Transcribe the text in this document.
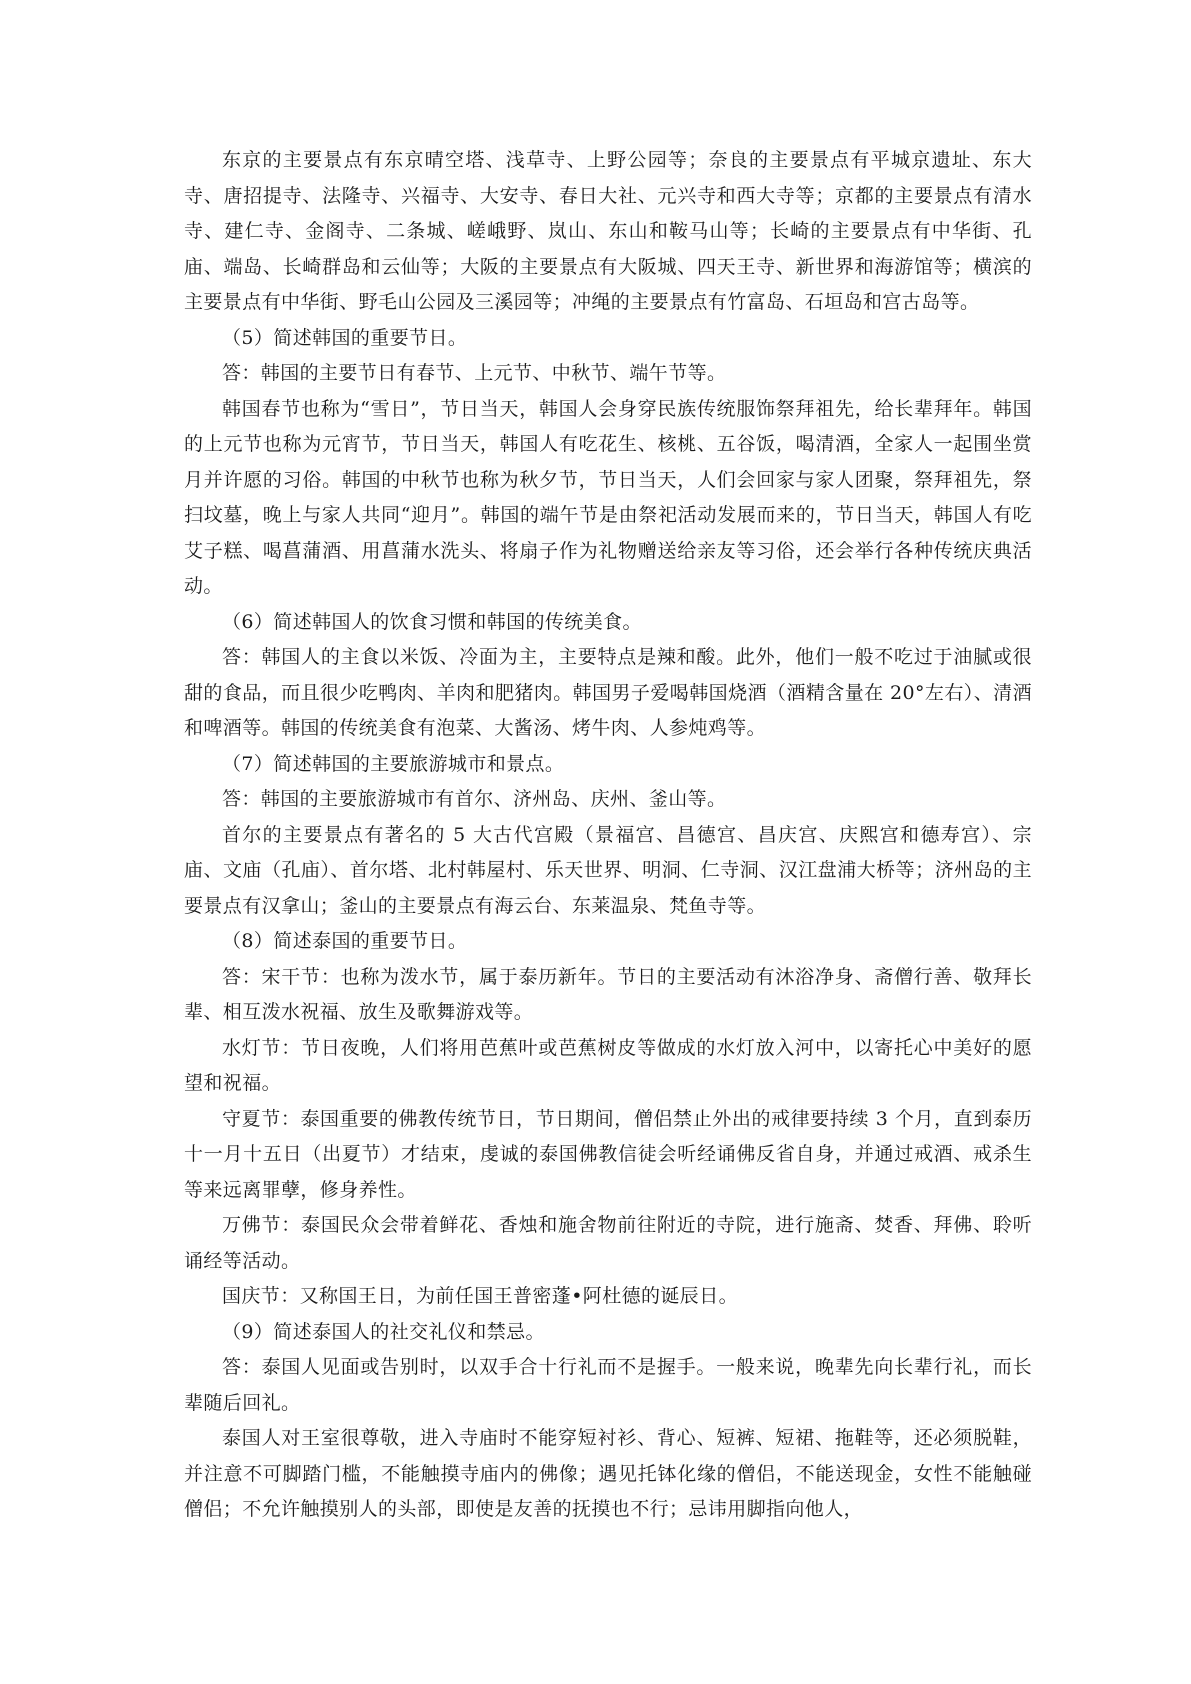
东京的主要景点有东京晴空塔、浅草寺、上野公园等；奈良的主要景点有平城京遗址、东大寺、唐招提寺、法隆寺、兴福寺、大安寺、春日大社、元兴寺和西大寺等；京都的主要景点有清水寺、建仁寺、金阁寺、二条城、嵯峨野、岚山、东山和鞍马山等；长崎的主要景点有中华街、孔庙、端岛、长崎群岛和云仙等；大阪的主要景点有大阪城、四天王寺、新世界和海游馆等；横滨的主要景点有中华街、野毛山公园及三溪园等；冲绳的主要景点有竹富岛、石垣岛和宫古岛等。

（5）简述韩国的重要节日。

答：韩国的主要节日有春节、上元节、中秋节、端午节等。

韩国春节也称为“雪日”，节日当天，韩国人会身穿民族传统服饰祭拜祖先，给长辈拜年。韩国的上元节也称为元宵节，节日当天，韩国人有吃花生、核桃、五谷饭，喝清酒，全家人一起围坐赏月并许愿的习俗。韩国的中秋节也称为秋夕节，节日当天，人们会回家与家人团聚，祭拜祖先，祭扫坟墓，晚上与家人共同“迎月”。韩国的端午节是由祭祀活动发展而来的，节日当天，韩国人有吃艾子糕、喝菖蒲酒、用菖蒲水洗头、将扇子作为礼物赠送给亲友等习俗，还会举行各种传统庆典活动。

（6）简述韩国人的饮食习惯和韩国的传统美食。

答：韩国人的主食以米饭、冷面为主，主要特点是辣和酸。此外，他们一般不吃过于油腻或很甜的食品，而且很少吃鸭肉、羊肉和肥猪肉。韩国男子爱喝韩国烧酒（酒精含量在 20°左右）、清酒和啤酒等。韩国的传统美食有泡菜、大酱汤、烤牛肉、人参炖鸡等。

（7）简述韩国的主要旅游城市和景点。

答：韩国的主要旅游城市有首尔、济州岛、庆州、釜山等。

首尔的主要景点有著名的 5 大古代宫殿（景福宫、昌德宫、昌庆宫、庆熙宫和德寿宫）、宗庙、文庙（孔庙）、首尔塔、北村韩屋村、乐天世界、明洞、仁寺洞、汉江盘浦大桥等；济州岛的主要景点有汉拿山；釜山的主要景点有海云台、东莱温泉、梵鱼寺等。

（8）简述泰国的重要节日。

答：宋干节：也称为泼水节，属于泰历新年。节日的主要活动有沐浴净身、斋僧行善、敬拜长辈、相互泼水祝福、放生及歌舞游戏等。

水灯节：节日夜晚，人们将用芭蕉叶或芭蕉树皮等做成的水灯放入河中，以寄托心中美好的愿望和祝福。

守夏节：泰国重要的佛教传统节日，节日期间，僧侣禁止外出的戒律要持续 3 个月，直到泰历十一月十五日（出夏节）才结束，虔诚的泰国佛教信徒会听经诵佛反省自身，并通过戒酒、戒杀生等来远离罪孽，修身养性。

万佛节：泰国民众会带着鲜花、香烛和施舍物前往附近的寺院，进行施斋、焚香、拜佛、聆听诵经等活动。

国庆节：又称国王日，为前任国王普密蓬•阿杜德的诞辰日。

（9）简述泰国人的社交礼仪和禁忌。

答：泰国人见面或告别时，以双手合十行礼而不是握手。一般来说，晚辈先向长辈行礼，而长辈随后回礼。

泰国人对王室很尊敬，进入寺庙时不能穿短衬衫、背心、短裤、短裙、拖鞋等，还必须脱鞋，并注意不可脚踏门槛，不能触摸寺庙内的佛像；遇见托钵化缘的僧侣，不能送现金，女性不能触碰僧侣；不允许触摸别人的头部，即使是友善的抚摸也不行；忌讳用脚指向他人，
